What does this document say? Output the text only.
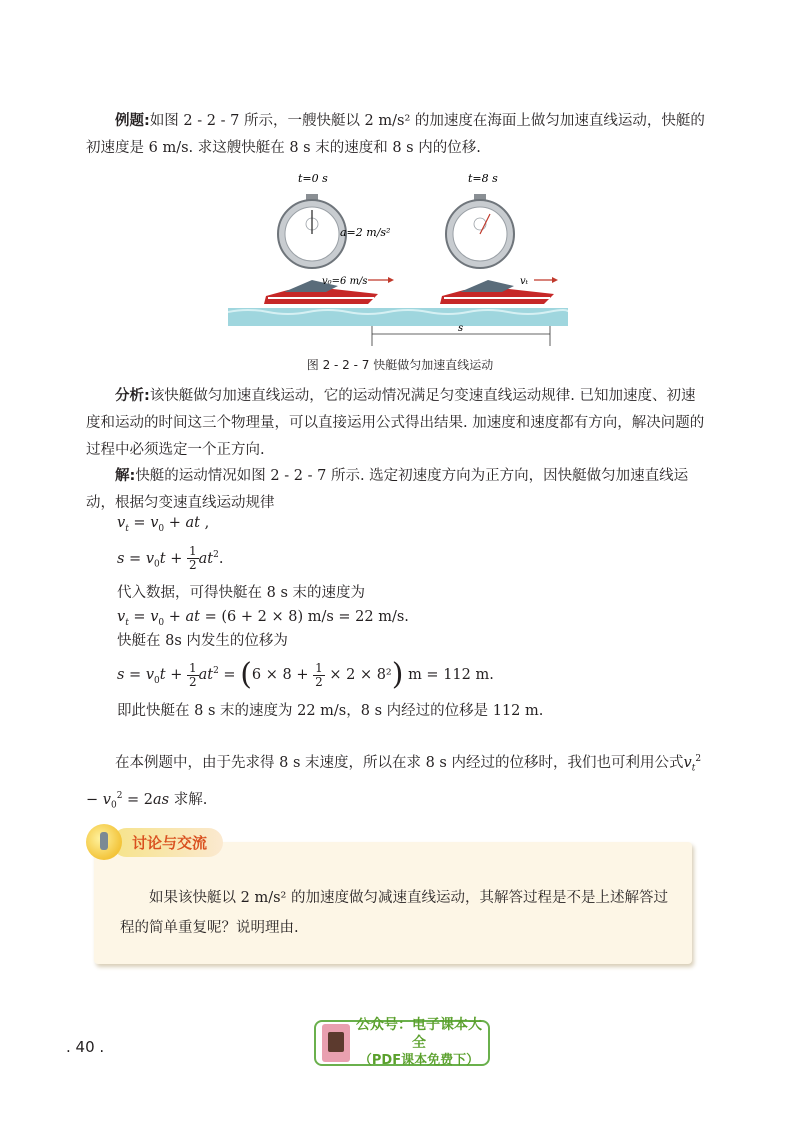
例题:如图 2 - 2 - 7 所示，一艘快艇以 2 m/s² 的加速度在海面上做匀加速直线运动，快艇的初速度是 6 m/s. 求这艘快艇在 8 s 末的速度和 8 s 内的位移.
t=0 s
a=2 m/s²
t=8 s
v₀=6 m/s	vₜ
s
图 2 - 2 - 7 快艇做匀加速直线运动
分析:该快艇做匀加速直线运动，它的运动情况满足匀变速直线运动规律. 已知加速度、初速度和运动的时间这三个物理量，可以直接运用公式得出结果. 加速度和速度都有方向，解决问题的过程中必须选定一个正方向.
解:快艇的运动情况如图 2 - 2 - 7 所示. 选定初速度方向为正方向，因快艇做匀加速直线运动，根据匀变速直线运动规律
$v_t = v_0$ + at ,
$s = v_0t + \frac{1}{2} at^2$.
代入数据，可得快艇在 8 s 末的速度为
$v_t = v_0$ + at = (6 + 2 × 8) m/s = 22 m/s.
快艇在 8s 内发生的位移为
$s = v_0t + \frac{1}{2} at^2 = (6 \times 8 + \frac{1}{2} \times 2 \times 8^2) m = 112$ m.
即此快艇在 8 s 末的速度为 22 m/s，8 s 内经过的位移是 112 m.
在本例题中，由于先求得 8 s 末速度，所以在求 8 s 内经过的位移时，我们也可利用公式$v_t^2 - v_0^2 = 2as$ 求解.
讨论与交流
如果该快艇以 2 m/s² 的加速度做匀减速直线运动，其解答过程是不是上述解答过程的简单重复呢？说明理由.
. 40 .
公众号：电子课本大全
（PDF课本免费下）
